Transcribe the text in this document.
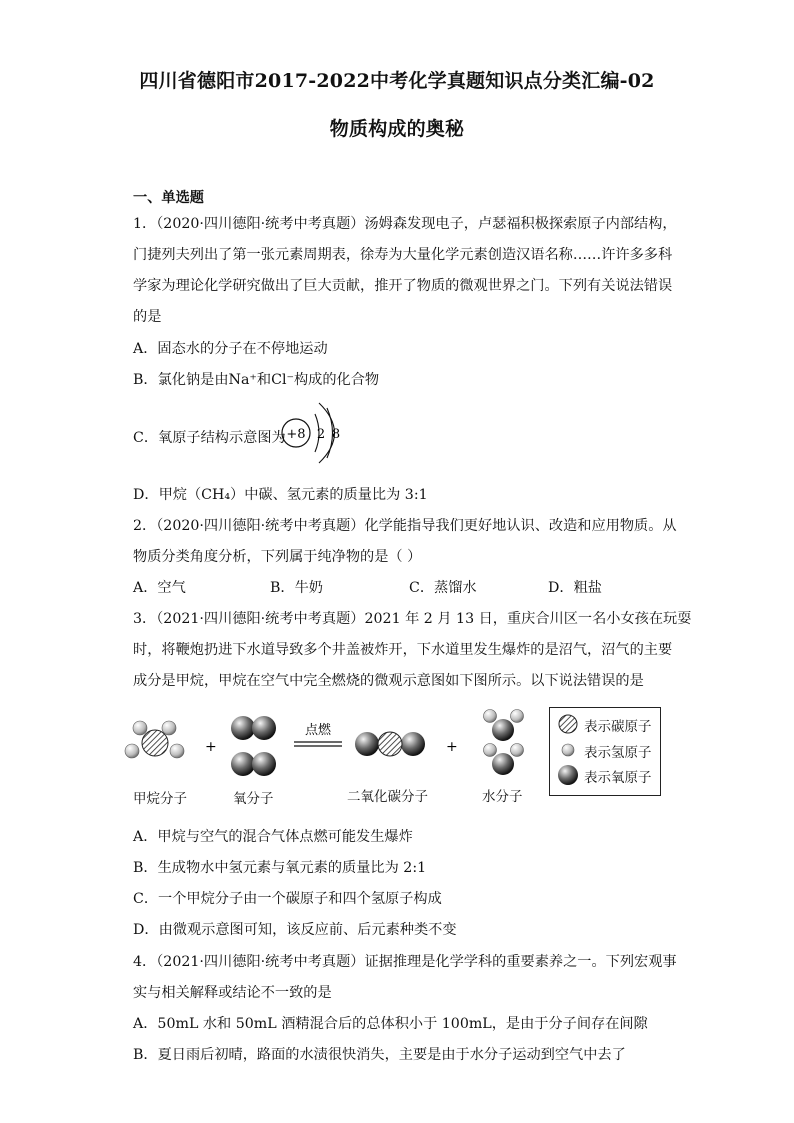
四川省德阳市2017-2022中考化学真题知识点分类汇编-02
物质构成的奥秘
一、单选题
1．（2020·四川德阳·统考中考真题）汤姆森发现电子，卢瑟福积极探索原子内部结构，
门捷列夫列出了第一张元素周期表，徐寿为大量化学元素创造汉语名称……许许多多科
学家为理论化学研究做出了巨大贡献，推开了物质的微观世界之门。下列有关说法错误
的是
A．固态水的分子在不停地运动
B．氯化钠是由Na⁺和Cl⁻构成的化合物
C．氧原子结构示意图为 +8 2 8
D．甲烷（CH₄）中碳、氢元素的质量比为 3:1
2．（2020·四川德阳·统考中考真题）化学能指导我们更好地认识、改造和应用物质。从
物质分类角度分析，下列属于纯净物的是（ ）
A．空气	B．牛奶	C．蒸馏水	D．粗盐
3．（2021·四川德阳·统考中考真题）2021 年 2 月 13 日，重庆合川区一名小女孩在玩耍
时，将鞭炮扔进下水道导致多个井盖被炸开，下水道里发生爆炸的是沼气，沼气的主要
成分是甲烷，甲烷在空气中完全燃烧的微观示意图如下图所示。以下说法错误的是
+
点燃
+
甲烷分子	氧分子	二氧化碳分子	水分子
表示碳原子
表示氢原子
表示氧原子
A．甲烷与空气的混合气体点燃可能发生爆炸
B．生成物水中氢元素与氧元素的质量比为 2:1
C．一个甲烷分子由一个碳原子和四个氢原子构成
D．由微观示意图可知，该反应前、后元素种类不变
4．（2021·四川德阳·统考中考真题）证据推理是化学学科的重要素养之一。下列宏观事
实与相关解释或结论不一致的是
A．50mL 水和 50mL 酒精混合后的总体积小于 100mL，是由于分子间存在间隙
B．夏日雨后初晴，路面的水渍很快消失，主要是由于水分子运动到空气中去了
